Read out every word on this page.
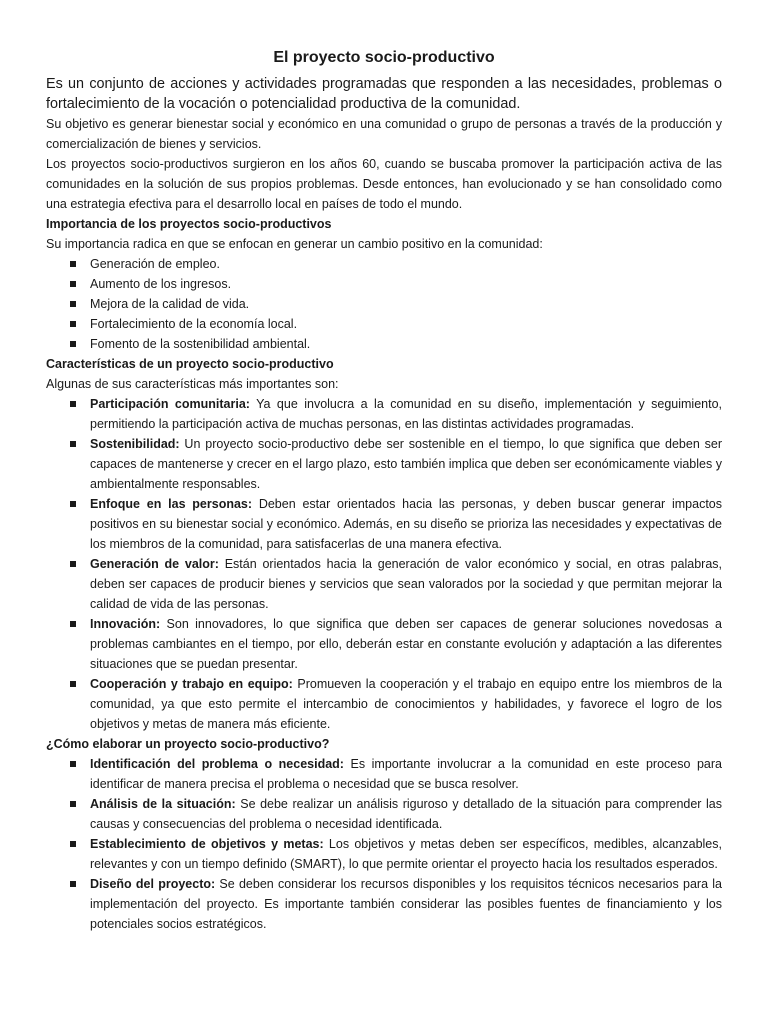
El proyecto socio-productivo

Es un conjunto de acciones y actividades programadas que responden a las necesidades, problemas o fortalecimiento de la vocación o potencialidad productiva de la comunidad.

Su objetivo es generar bienestar social y económico en una comunidad o grupo de personas a través de la producción y comercialización de bienes y servicios.

Los proyectos socio-productivos surgieron en los años 60, cuando se buscaba promover la participación activa de las comunidades en la solución de sus propios problemas. Desde entonces, han evolucionado y se han consolidado como una estrategia efectiva para el desarrollo local en países de todo el mundo.

Importancia de los proyectos socio-productivos

Su importancia radica en que se enfocan en generar un cambio positivo en la comunidad:

Generación de empleo.
Aumento de los ingresos.
Mejora de la calidad de vida.
Fortalecimiento de la economía local.
Fomento de la sostenibilidad ambiental.
Características de un proyecto socio-productivo

Algunas de sus características más importantes son:

Participación comunitaria: Ya que involucra a la comunidad en su diseño, implementación y seguimiento, permitiendo la participación activa de muchas personas, en las distintas actividades programadas.
Sostenibilidad: Un proyecto socio-productivo debe ser sostenible en el tiempo, lo que significa que deben ser capaces de mantenerse y crecer en el largo plazo, esto también implica que deben ser económicamente viables y ambientalmente responsables.
Enfoque en las personas: Deben estar orientados hacia las personas, y deben buscar generar impactos positivos en su bienestar social y económico. Además, en su diseño se prioriza las necesidades y expectativas de los miembros de la comunidad, para satisfacerlas de una manera efectiva.
Generación de valor: Están orientados hacia la generación de valor económico y social, en otras palabras, deben ser capaces de producir bienes y servicios que sean valorados por la sociedad y que permitan mejorar la calidad de vida de las personas.
Innovación: Son innovadores, lo que significa que deben ser capaces de generar soluciones novedosas a problemas cambiantes en el tiempo, por ello, deberán estar en constante evolución y adaptación a las diferentes situaciones que se puedan presentar.
Cooperación y trabajo en equipo: Promueven la cooperación y el trabajo en equipo entre los miembros de la comunidad, ya que esto permite el intercambio de conocimientos y habilidades, y favorece el logro de los objetivos y metas de manera más eficiente.
¿Cómo elaborar un proyecto socio-productivo?
Identificación del problema o necesidad: Es importante involucrar a la comunidad en este proceso para identificar de manera precisa el problema o necesidad que se busca resolver.
Análisis de la situación: Se debe realizar un análisis riguroso y detallado de la situación para comprender las causas y consecuencias del problema o necesidad identificada.
Establecimiento de objetivos y metas: Los objetivos y metas deben ser específicos, medibles, alcanzables, relevantes y con un tiempo definido (SMART), lo que permite orientar el proyecto hacia los resultados esperados.
Diseño del proyecto: Se deben considerar los recursos disponibles y los requisitos técnicos necesarios para la implementación del proyecto. Es importante también considerar las posibles fuentes de financiamiento y los potenciales socios estratégicos.
